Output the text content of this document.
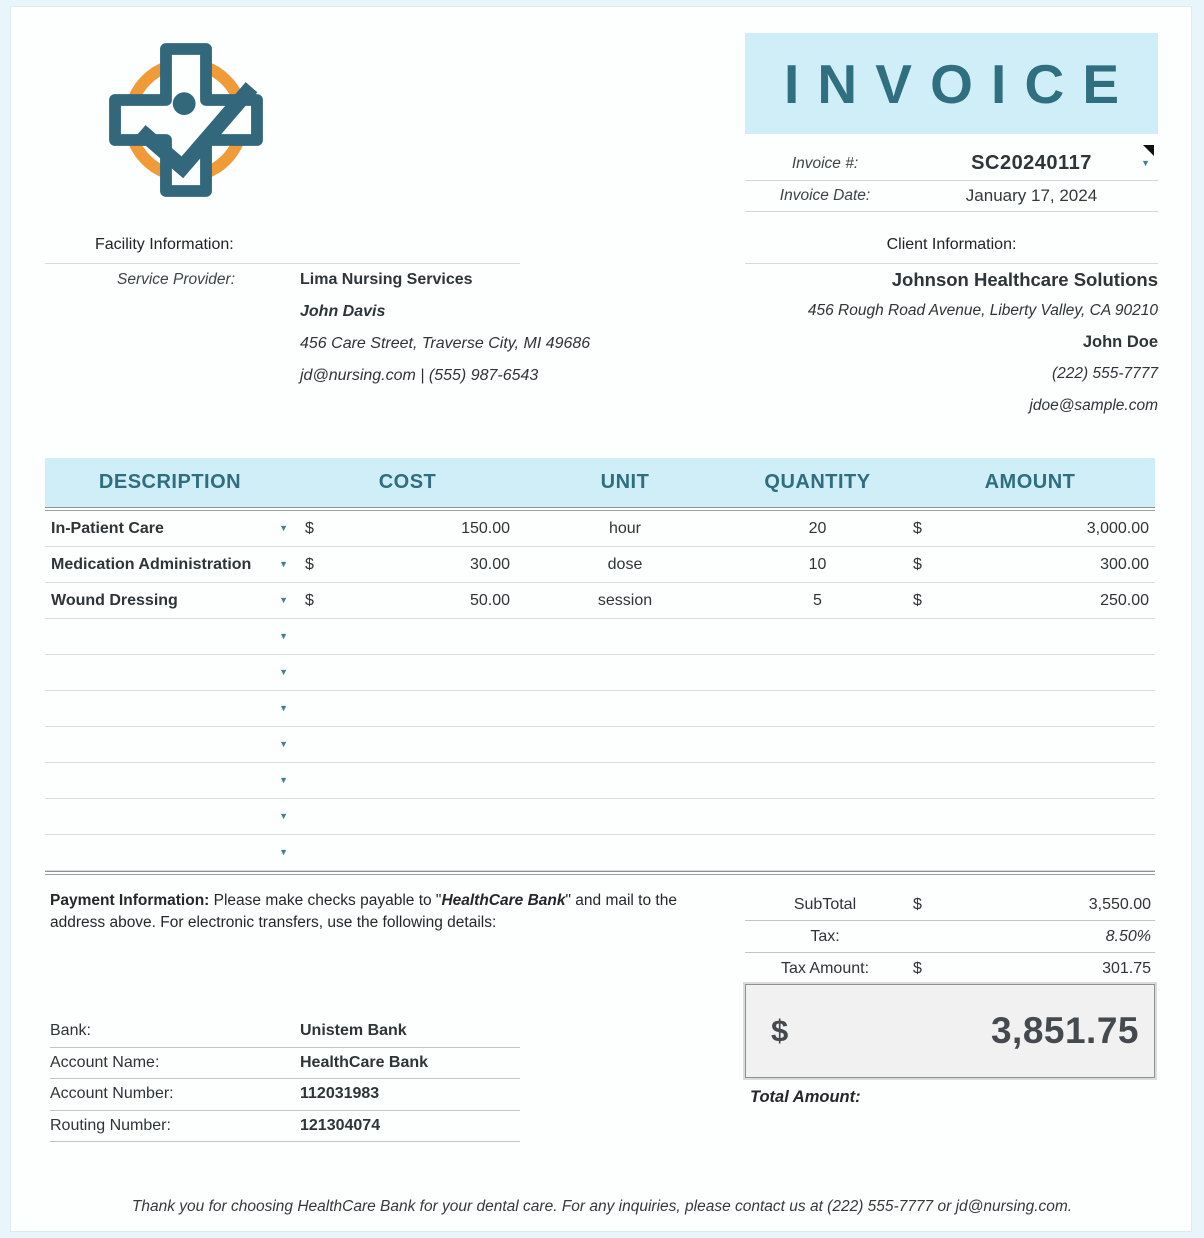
INVOICE
Invoice #:	SC20240117	▼
Invoice Date:	January 17, 2024
Facility Information:
Service Provider:	Lima Nursing Services
John Davis
456 Care Street, Traverse City, MI 49686
jd@nursing.com | (555) 987-6543
Client Information:
Johnson Healthcare Solutions
456 Rough Road Avenue, Liberty Valley, CA 90210
John Doe
(222) 555-7777
jdoe@sample.com
DESCRIPTION	COST	UNIT	QUANTITY	AMOUNT
In-Patient Care	▼ $	150.00	hour	20	$	3,000.00
Medication Administration	▼ $	30.00	dose	10	$	300.00
Wound Dressing	▼ $	50.00	session	5	$	250.00
▼
▼
▼
▼
▼
▼
▼
Payment Information: Please make checks payable to "HealthCare Bank" and mail to the address above. For electronic transfers, use the following details:
SubTotal	$	3,550.00
Tax:	8.50%
Tax Amount:	$	301.75
$	3,851.75
Total Amount:
Bank:	Unistem Bank
Account Name:	HealthCare Bank
Account Number:	112031983
Routing Number:	121304074
Thank you for choosing HealthCare Bank for your dental care. For any inquiries, please contact us at (222) 555-7777 or jd@nursing.com.
